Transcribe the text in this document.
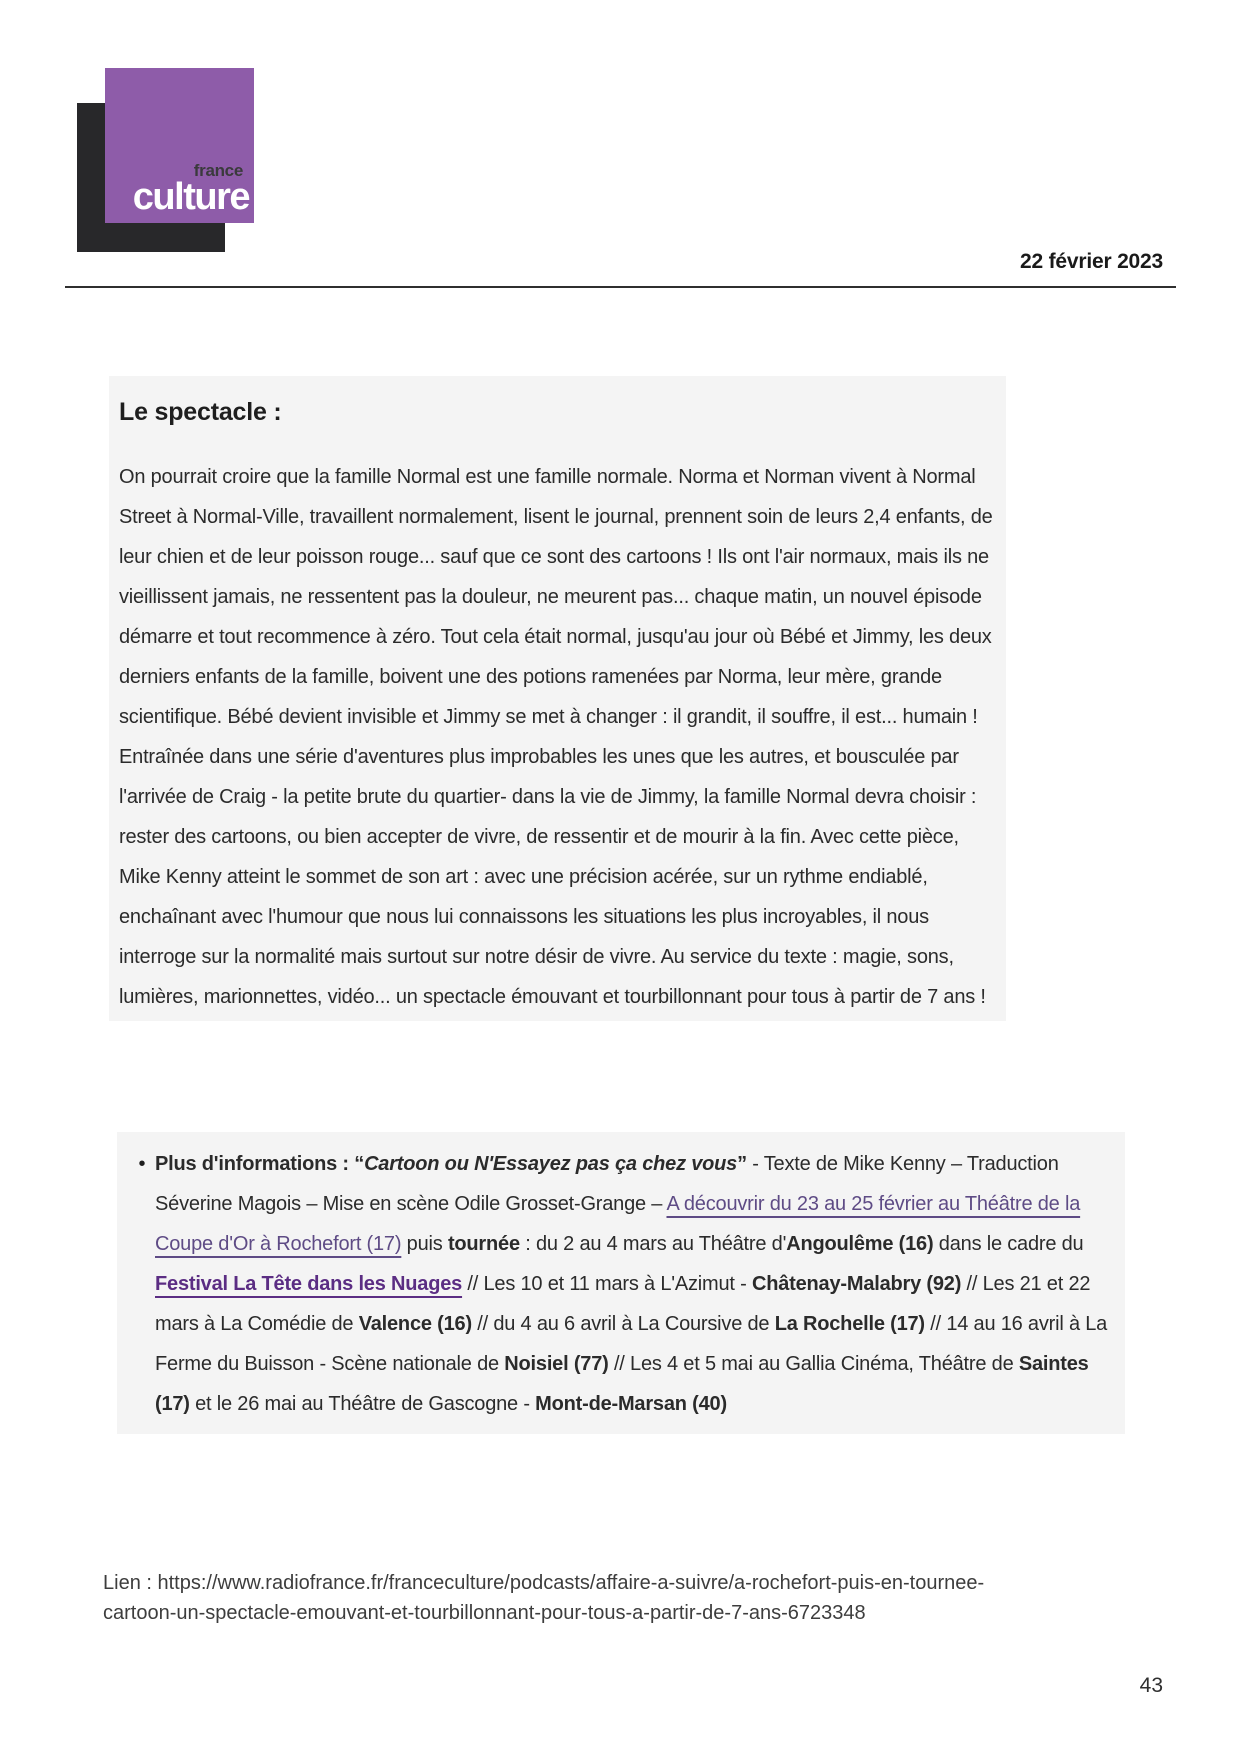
france
culture
22 février 2023
Le spectacle :

On pourrait croire que la famille Normal est une famille normale. Norma et Norman vivent à Normal Street à Normal-Ville, travaillent normalement, lisent le journal, prennent soin de leurs 2,4 enfants, de leur chien et de leur poisson rouge... sauf que ce sont des cartoons ! Ils ont l'air normaux, mais ils ne vieillissent jamais, ne ressentent pas la douleur, ne meurent pas... chaque matin, un nouvel épisode démarre et tout recommence à zéro. Tout cela était normal, jusqu'au jour où Bébé et Jimmy, les deux derniers enfants de la famille, boivent une des potions ramenées par Norma, leur mère, grande scientifique. Bébé devient invisible et Jimmy se met à changer : il grandit, il souffre, il est... humain ! Entraînée dans une série d'aventures plus improbables les unes que les autres, et bousculée par l'arrivée de Craig - la petite brute du quartier- dans la vie de Jimmy, la famille Normal devra choisir : rester des cartoons, ou bien accepter de vivre, de ressentir et de mourir à la fin. Avec cette pièce, Mike Kenny atteint le sommet de son art : avec une précision acérée, sur un rythme endiablé, enchaînant avec l'humour que nous lui connaissons les situations les plus incroyables, il nous interroge sur la normalité mais surtout sur notre désir de vivre. Au service du texte : magie, sons, lumières, marionnettes, vidéo... un spectacle émouvant et tourbillonnant pour tous à partir de 7 ans !

• Plus d'informations : “Cartoon ou N'Essayez pas ça chez vous” - Texte de Mike Kenny – Traduction Séverine Magois – Mise en scène Odile Grosset-Grange – A découvrir du 23 au 25 février au Théâtre de la Coupe d'Or à Rochefort (17) puis tournée : du 2 au 4 mars au Théâtre d'Angoulême (16) dans le cadre du Festival La Tête dans les Nuages // Les 10 et 11 mars à L'Azimut - Châtenay-Malabry (92) // Les 21 et 22 mars à La Comédie de Valence (16) // du 4 au 6 avril à La Coursive de La Rochelle (17) // 14 au 16 avril à La Ferme du Buisson - Scène nationale de Noisiel (77) // Les 4 et 5 mai au Gallia Cinéma, Théâtre de Saintes (17) et le 26 mai au Théâtre de Gascogne - Mont-de-Marsan (40)

Lien : https://www.radiofrance.fr/franceculture/podcasts/affaire-a-suivre/a-rochefort-puis-en-tournee-cartoon-un-spectacle-emouvant-et-tourbillonnant-pour-tous-a-partir-de-7-ans-6723348
43
